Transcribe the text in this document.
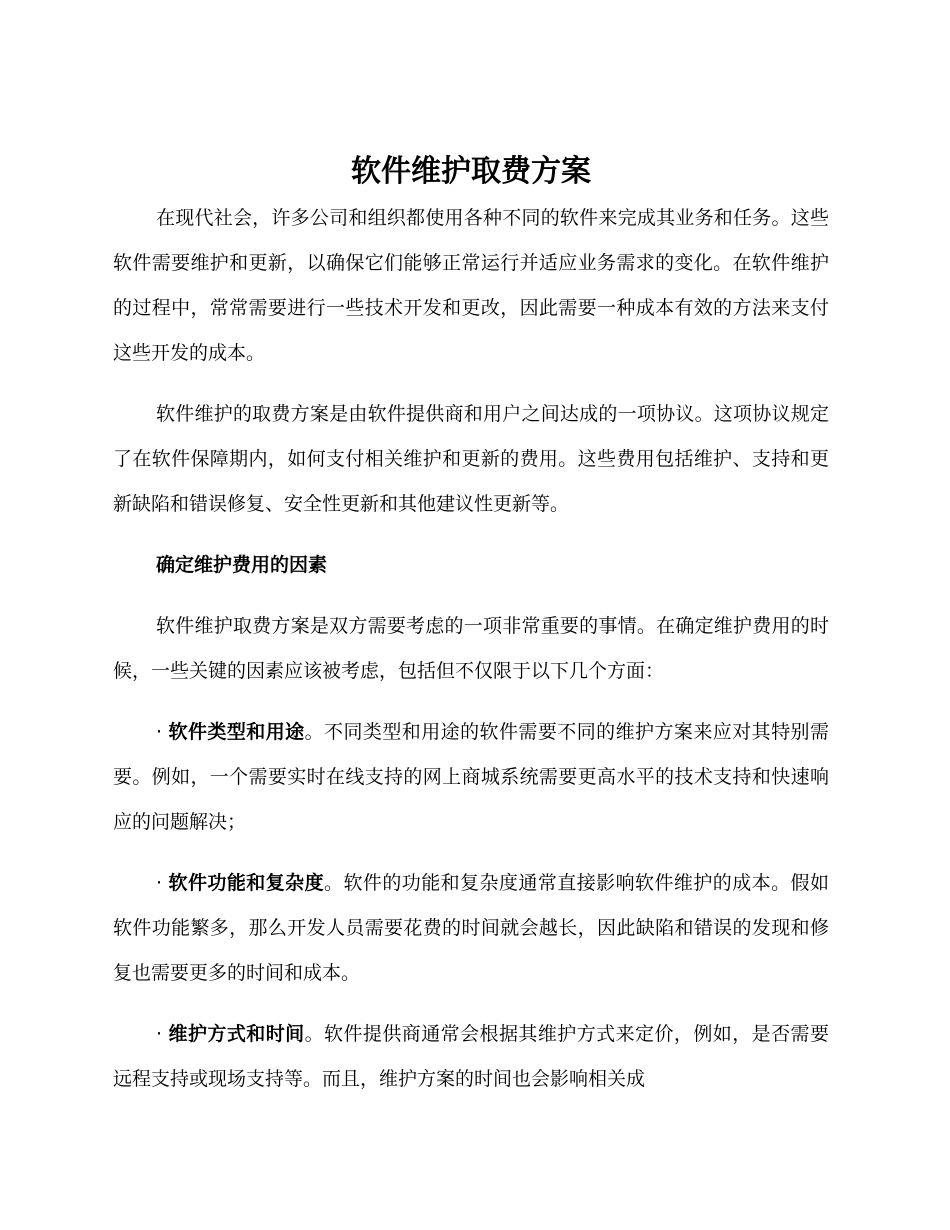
软件维护取费方案

在现代社会，许多公司和组织都使用各种不同的软件来完成其业务和任务。这些软件需要维护和更新，以确保它们能够正常运行并适应业务需求的变化。在软件维护的过程中，常常需要进行一些技术开发和更改，因此需要一种成本有效的方法来支付这些开发的成本。

软件维护的取费方案是由软件提供商和用户之间达成的一项协议。这项协议规定了在软件保障期内，如何支付相关维护和更新的费用。这些费用包括维护、支持和更新缺陷和错误修复、安全性更新和其他建议性更新等。

确定维护费用的因素

软件维护取费方案是双方需要考虑的一项非常重要的事情。在确定维护费用的时候，一些关键的因素应该被考虑，包括但不仅限于以下几个方面：

· 软件类型和用途。不同类型和用途的软件需要不同的维护方案来应对其特别需要。例如，一个需要实时在线支持的网上商城系统需要更高水平的技术支持和快速响应的问题解决；

· 软件功能和复杂度。软件的功能和复杂度通常直接影响软件维护的成本。假如软件功能繁多，那么开发人员需要花费的时间就会越长，因此缺陷和错误的发现和修复也需要更多的时间和成本。

· 维护方式和时间。软件提供商通常会根据其维护方式来定价，例如，是否需要远程支持或现场支持等。而且，维护方案的时间也会影响相关成
